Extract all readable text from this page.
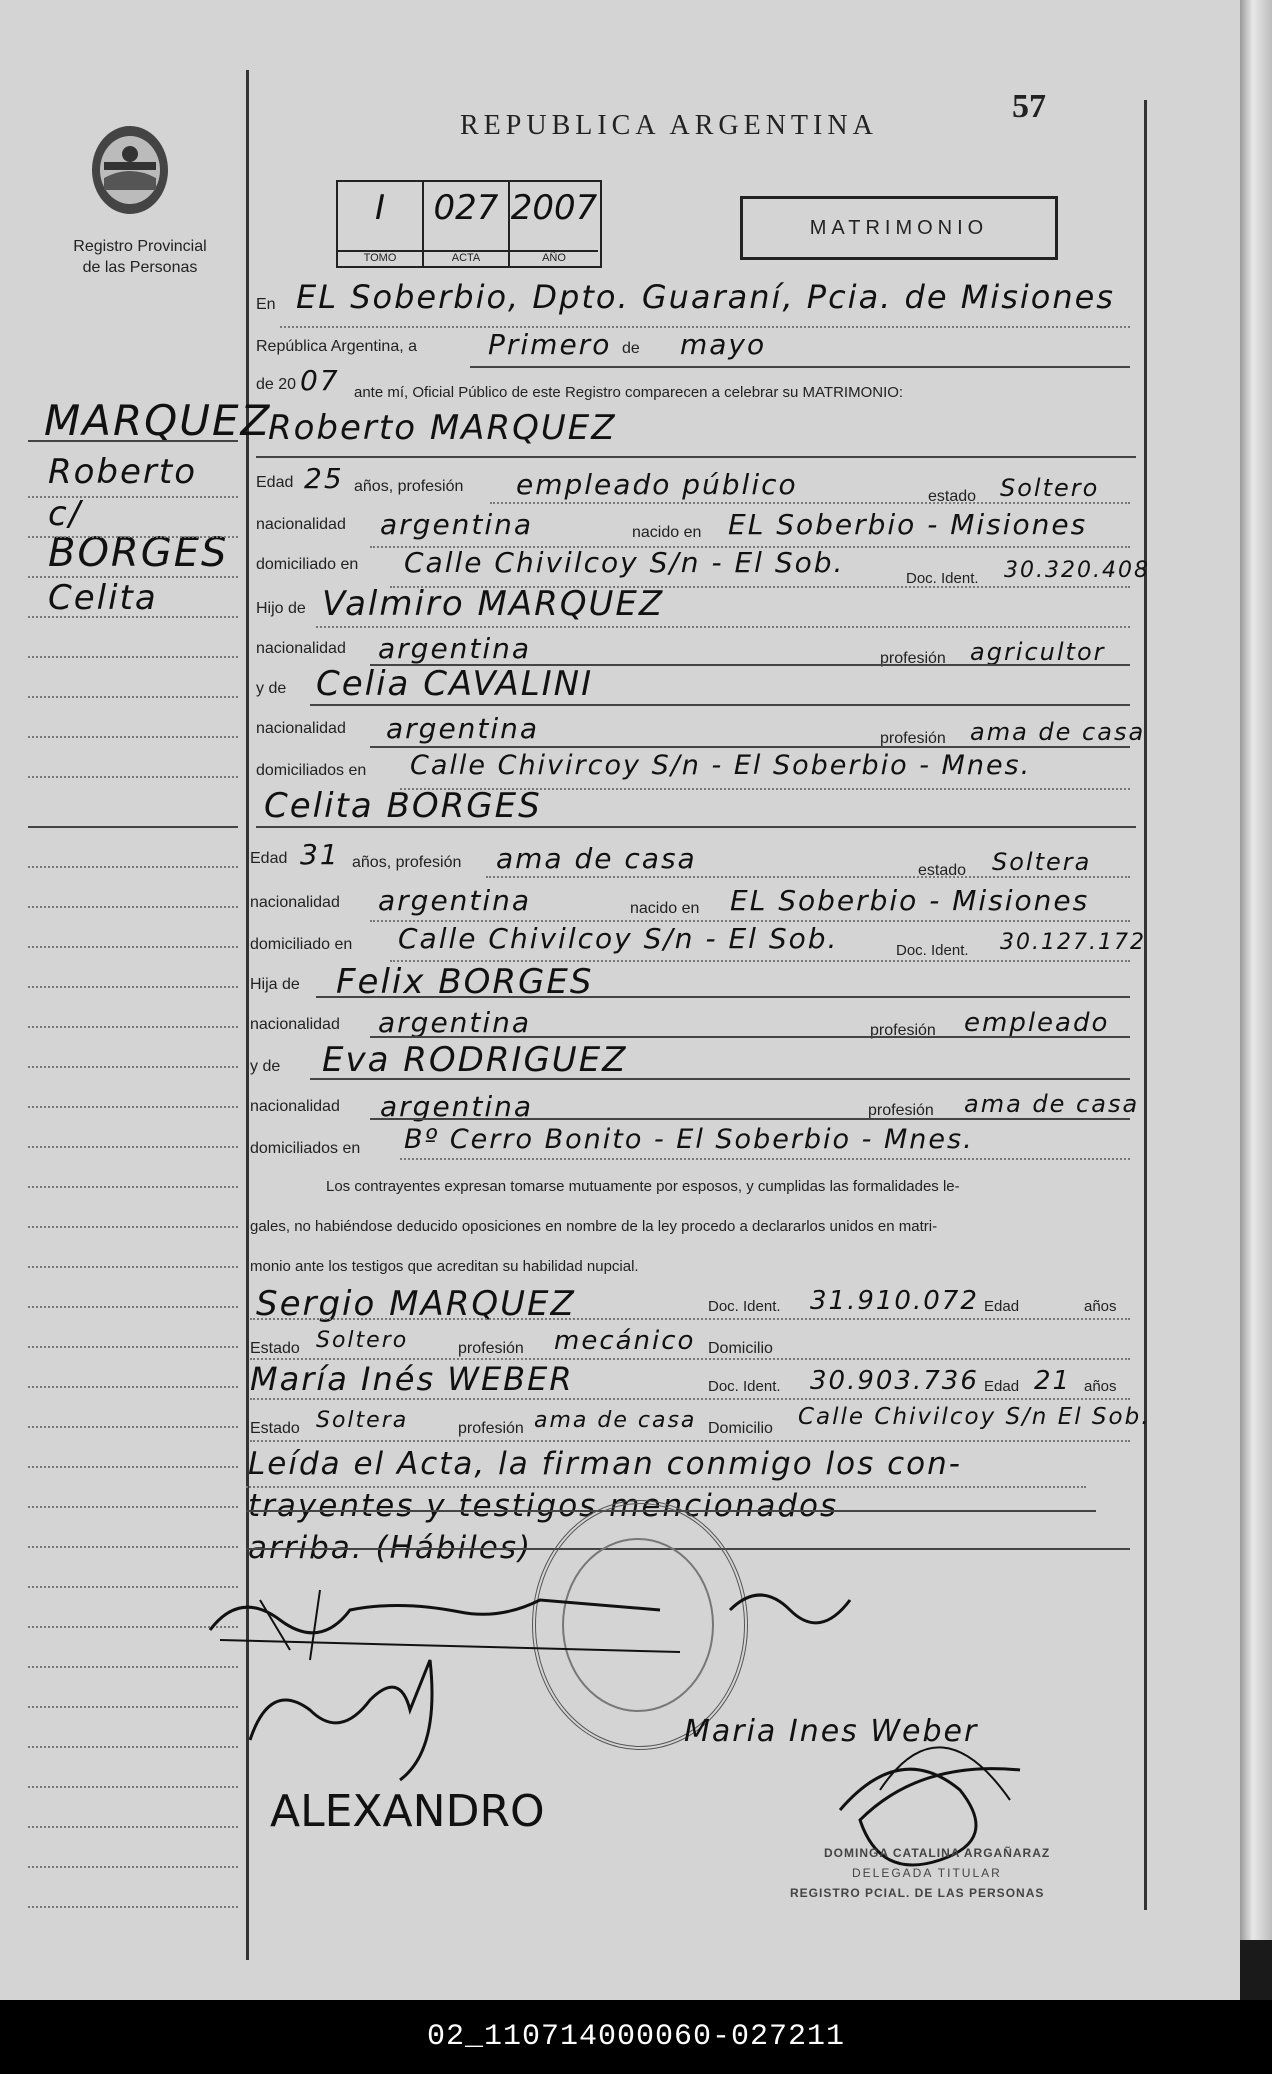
Registro Provincial
de las Personas
REPUBLICA ARGENTINA
57
I
TOMO
027
ACTA
2007
AÑO
MATRIMONIO
MARQUEZ
Roberto
c/
BORGES
Celita
En EL Soberbio, Dpto. Guaraní, Pcia. de Misiones
República Argentina, a	Primero de mayo
de 20 07 ante mí, Oficial Público de este Registro comparecen a celebrar su MATRIMONIO:
Roberto MARQUEZ
Edad 25 años, profesión empleado público	estado Soltero
nacionalidad argentina	nacido en EL Soberbio - Misiones
domiciliado en Calle Chivilcoy S/n - El Sob.	Doc. Ident. 30.320.408
Hijo de Valmiro MARQUEZ
nacionalidad argentina	profesión agricultor
y de Celia CAVALINI
nacionalidad argentina	profesión ama de casa
domiciliados en Calle Chivircoy S/n - El Soberbio - Mnes.
Celita BORGES
Edad 31 años, profesión ama de casa	estado Soltera
nacionalidad argentina	nacido en EL Soberbio - Misiones
domiciliado en Calle Chivilcoy S/n - El Sob.	Doc. Ident. 30.127.172
Hija de Felix BORGES
nacionalidad argentina	profesión empleado
y de Eva RODRIGUEZ
nacionalidad argentina	profesión ama de casa
domiciliados en Bº Cerro Bonito - El Soberbio - Mnes.
Los contrayentes expresan tomarse mutuamente por esposos, y cumplidas las formalidades le-
gales, no habiéndose deducido oposiciones en nombre de la ley procedo a declararlos unidos en matri-
monio ante los testigos que acreditan su habilidad nupcial.
Sergio MARQUEZ	Doc. Ident. 31.910.072 Edad	años
Estado Soltero	profesión mecánico Domicilio
María Inés WEBER	Doc. Ident. 30.903.736 Edad 21 años
Estado Soltera	profesión ama de casa Domicilio Calle Chivilcoy S/n El Sob.
Leída el Acta, la firman conmigo los con-
trayentes y testigos mencionados
arriba. (Hábiles)
ALEXANDRO
Maria Ines Weber
DOMINGA CATALINA ARGAÑARAZ
DELEGADA TITULAR
REGISTRO PCIAL. DE LAS PERSONAS
02_110714000060-027211
